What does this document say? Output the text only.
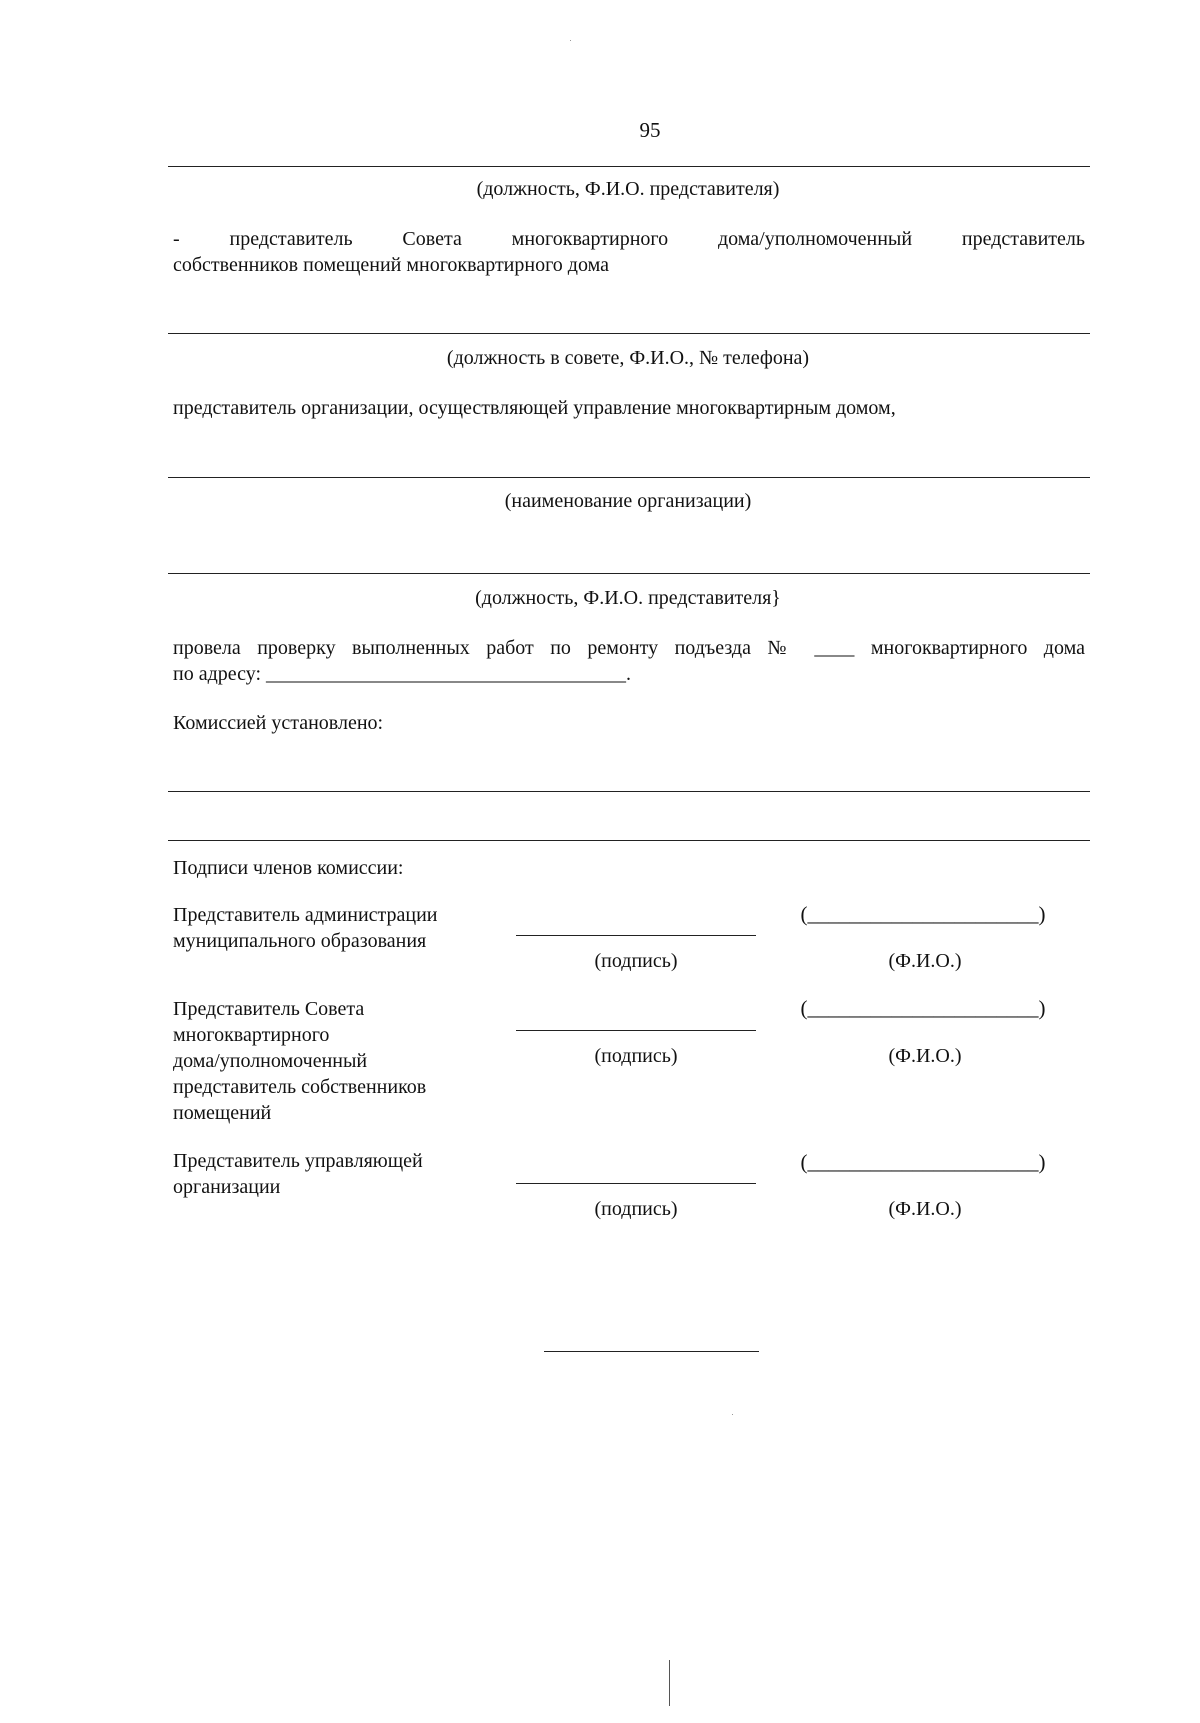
95
(должность, Ф.И.О. представителя)
- представитель Совета многоквартирного дома/уполномоченный представитель
собственников помещений многоквартирного дома
(должность в совете, Ф.И.О., № телефона)
представитель организации, осуществляющей управление многоквартирным домом,
(наименование организации)
(должность, Ф.И.О. представителя}
провела проверку выполненных работ по ремонту подъезда № ____ многоквартирного дома
по адресу: ____________________________________.
Комиссией установлено:
Подписи членов комиссии:
Представитель администрации
муниципального образования
(подпись)
(______________________)
(Ф.И.О.)
Представитель Совета
многоквартирного
дома/уполномоченный
представитель собственников
помещений
(подпись)
(______________________)
(Ф.И.О.)
Представитель управляющей
организации
(подпись)
(______________________)
(Ф.И.О.)
